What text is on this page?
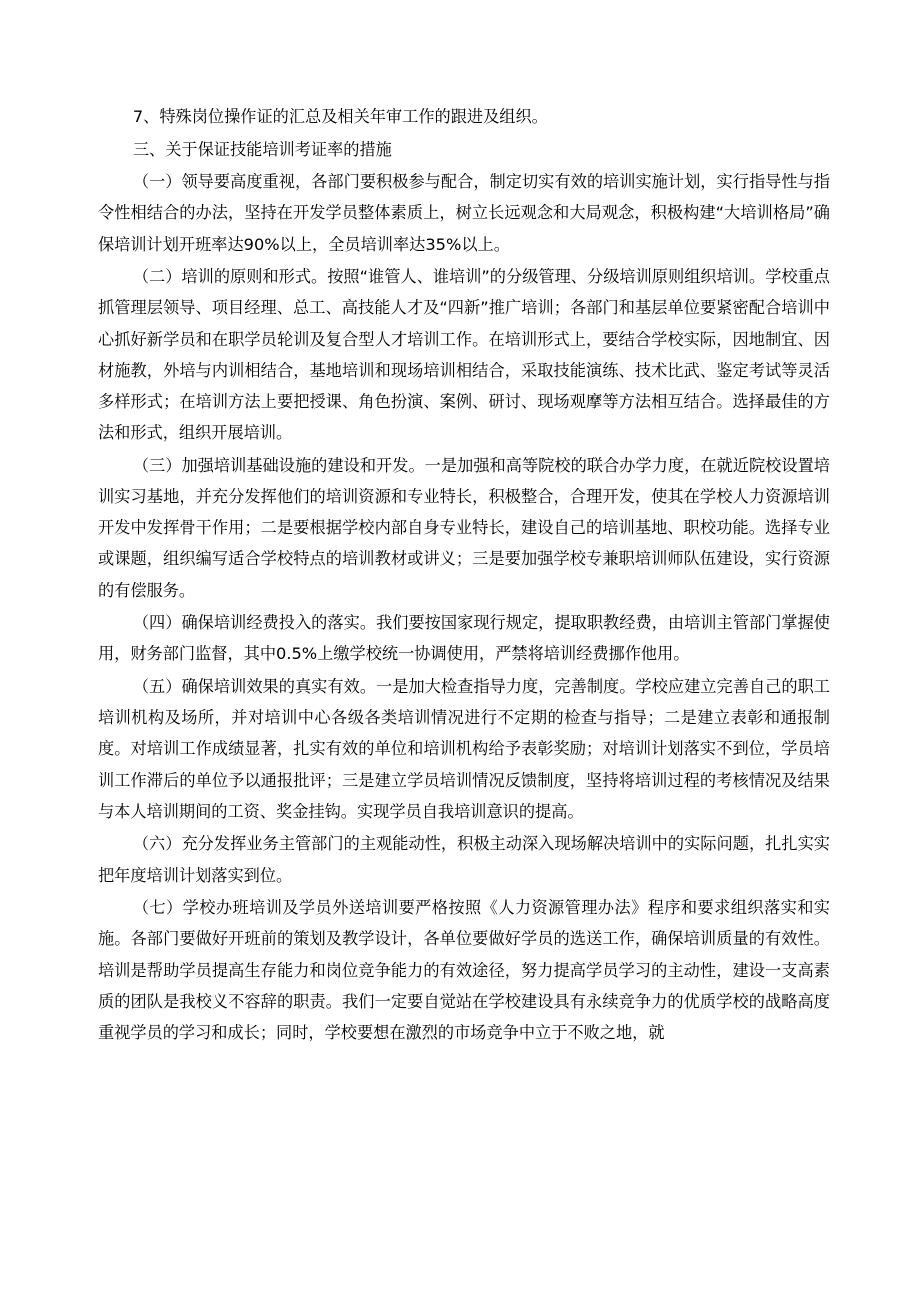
7、特殊岗位操作证的汇总及相关年审工作的跟进及组织。

三、关于保证技能培训考证率的措施

（一）领导要高度重视，各部门要积极参与配合，制定切实有效的培训实施计划，实行指导性与指令性相结合的办法，坚持在开发学员整体素质上，树立长远观念和大局观念，积极构建“大培训格局”确保培训计划开班率达90%以上，全员培训率达35%以上。

（二）培训的原则和形式。按照“谁管人、谁培训”的分级管理、分级培训原则组织培训。学校重点抓管理层领导、项目经理、总工、高技能人才及“四新”推广培训；各部门和基层单位要紧密配合培训中心抓好新学员和在职学员轮训及复合型人才培训工作。在培训形式上，要结合学校实际，因地制宜、因材施教，外培与内训相结合，基地培训和现场培训相结合，采取技能演练、技术比武、鉴定考试等灵活多样形式；在培训方法上要把授课、角色扮演、案例、研讨、现场观摩等方法相互结合。选择最佳的方法和形式，组织开展培训。

（三）加强培训基础设施的建设和开发。一是加强和高等院校的联合办学力度，在就近院校设置培训实习基地，并充分发挥他们的培训资源和专业特长，积极整合，合理开发，使其在学校人力资源培训开发中发挥骨干作用；二是要根据学校内部自身专业特长，建设自己的培训基地、职校功能。选择专业或课题，组织编写适合学校特点的培训教材或讲义；三是要加强学校专兼职培训师队伍建设，实行资源的有偿服务。

（四）确保培训经费投入的落实。我们要按国家现行规定，提取职教经费，由培训主管部门掌握使用，财务部门监督，其中0.5%上缴学校统一协调使用，严禁将培训经费挪作他用。

（五）确保培训效果的真实有效。一是加大检查指导力度，完善制度。学校应建立完善自己的职工培训机构及场所，并对培训中心各级各类培训情况进行不定期的检查与指导；二是建立表彰和通报制度。对培训工作成绩显著，扎实有效的单位和培训机构给予表彰奖励；对培训计划落实不到位，学员培训工作滞后的单位予以通报批评；三是建立学员培训情况反馈制度，坚持将培训过程的考核情况及结果与本人培训期间的工资、奖金挂钩。实现学员自我培训意识的提高。

（六）充分发挥业务主管部门的主观能动性，积极主动深入现场解决培训中的实际问题，扎扎实实把年度培训计划落实到位。

（七）学校办班培训及学员外送培训要严格按照《人力资源管理办法》程序和要求组织落实和实施。各部门要做好开班前的策划及教学设计，各单位要做好学员的选送工作，确保培训质量的有效性。培训是帮助学员提高生存能力和岗位竞争能力的有效途径，努力提高学员学习的主动性，建设一支高素质的团队是我校义不容辞的职责。我们一定要自觉站在学校建设具有永续竞争力的优质学校的战略高度重视学员的学习和成长；同时，学校要想在激烈的市场竞争中立于不败之地，就
